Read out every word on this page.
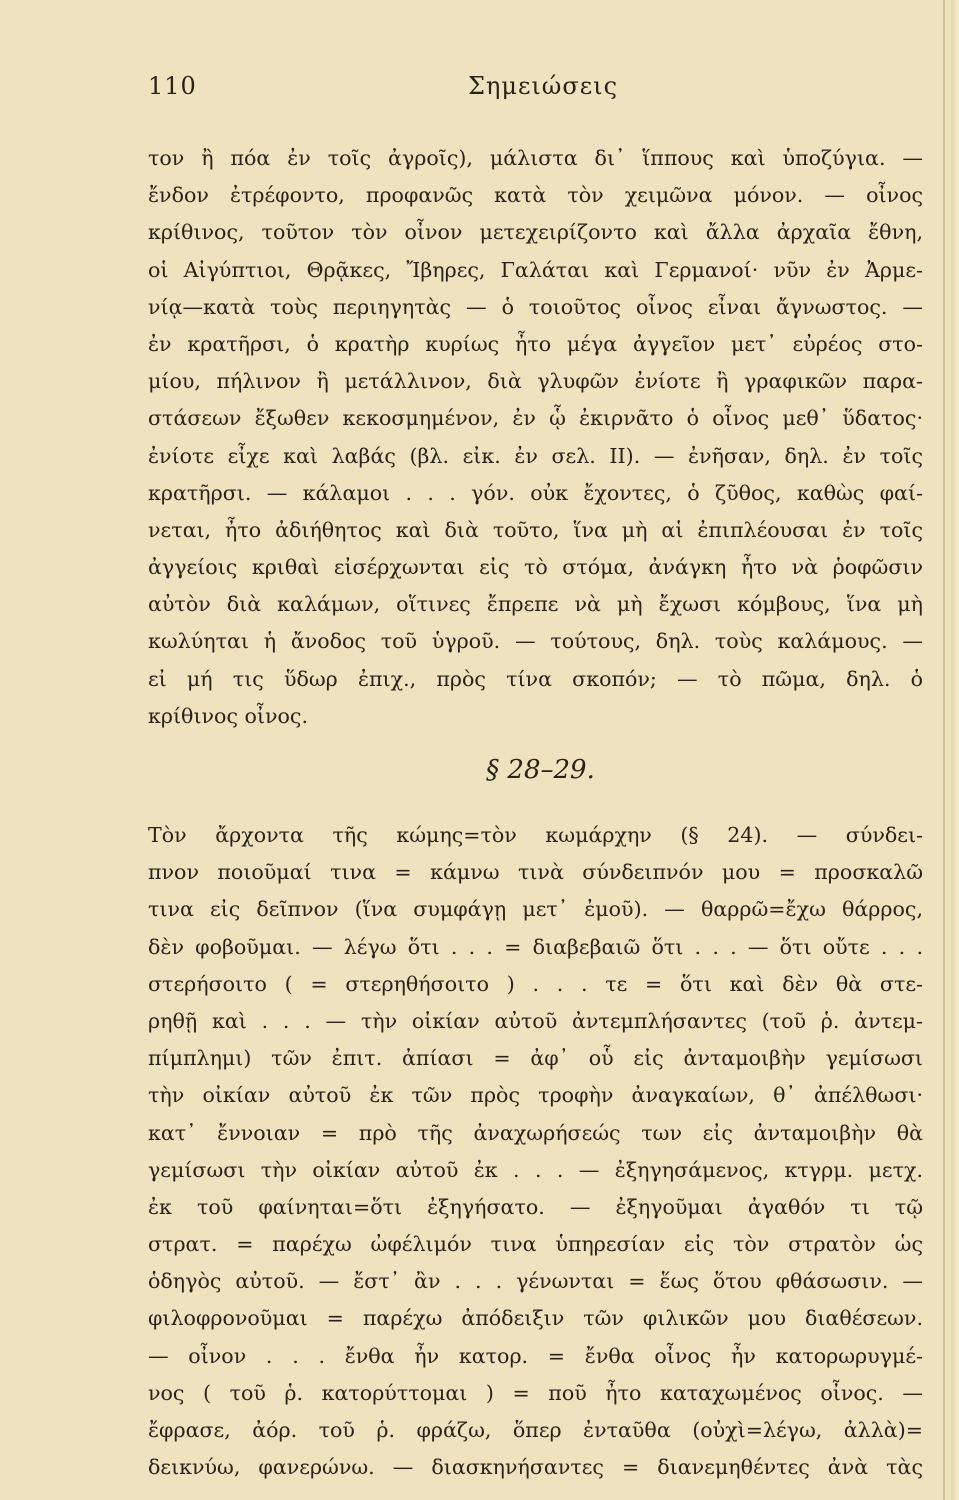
110	Σημειώσεις
τον ἢ πόα ἐν τοῖς ἀγροῖς), μάλιστα δι᾿ ἵππους καὶ ὑποζύγια. —
ἔνδον ἐτρέφοντο, προφανῶς κατὰ τὸν χειμῶνα μόνον. — οἶνος
κρίθινος, τοῦτον τὸν οἶνον μετεχειρίζοντο καὶ ἄλλα ἀρχαῖα ἔθνη,
οἱ Αἰγύπτιοι, Θρᾷκες, Ἴβηρες, Γαλάται καὶ Γερμανοί· νῦν ἐν Ἀρμε-
νίᾳ—κατὰ τοὺς περιηγητὰς — ὁ τοιοῦτος οἶνος εἶναι ἄγνωστος. —
ἐν κρατῆρσι, ὁ κρατὴρ κυρίως ἦτο μέγα ἀγγεῖον μετ᾿ εὐρέος στο-
μίου, πήλινον ἢ μετάλλινον, διὰ γλυφῶν ἐνίοτε ἢ γραφικῶν παρα-
στάσεων ἔξωθεν κεκοσμημένον, ἐν ᾧ ἐκιρνᾶτο ὁ οἶνος μεθ᾿ ὕδατος·
ἐνίοτε εἶχε καὶ λαβάς (βλ. εἰκ. ἐν σελ. ΙΙ). — ἐνῆσαν, δηλ. ἐν τοῖς
κρατῆρσι. — κάλαμοι . . . γόν. οὐκ ἔχοντες, ὁ ζῦθος, καθὼς φαί-
νεται, ἦτο ἀδιήθητος καὶ διὰ τοῦτο, ἵνα μὴ αἱ ἐπιπλέουσαι ἐν τοῖς
ἀγγείοις κριθαὶ εἰσέρχωνται εἰς τὸ στόμα, ἀνάγκη ἦτο νὰ ῥοφῶσιν
αὐτὸν διὰ καλάμων, οἵτινες ἔπρεπε νὰ μὴ ἔχωσι κόμβους, ἵνα μὴ
κωλύηται ἡ ἄνοδος τοῦ ὑγροῦ. — τούτους, δηλ. τοὺς καλάμους. —
εἰ μή τις ὕδωρ ἐπιχ., πρὸς τίνα σκοπόν; — τὸ πῶμα, δηλ. ὁ
κρίθινος οἶνος.
§ 28–29.
Τὸν ἄρχοντα τῆς κώμης=τὸν κωμάρχην (§ 24). — σύνδει-
πνον ποιοῦμαί τινα = κάμνω τινὰ σύνδειπνόν μου = προσκαλῶ
τινα εἰς δεῖπνον (ἵνα συμφάγῃ μετ᾿ ἐμοῦ). — θαρρῶ=ἔχω θάρρος,
δὲν φοβοῦμαι. — λέγω ὅτι . . . = διαβεβαιῶ ὅτι . . . — ὅτι οὔτε . . .
στερήσοιτο ( = στερηθήσοιτο ) . . . τε = ὅτι καὶ δὲν θὰ στε-
ρηθῇ καὶ . . . — τὴν οἰκίαν αὐτοῦ ἀντεμπλήσαντες (τοῦ ῥ. ἀντεμ-
πίμπλημι) τῶν ἐπιτ. ἀπίασι = ἀφ᾿ οὗ εἰς ἀνταμοιβὴν γεμίσωσι
τὴν οἰκίαν αὐτοῦ ἐκ τῶν πρὸς τροφὴν ἀναγκαίων, θ᾿ ἀπέλθωσι·
κατ᾿ ἔννοιαν = πρὸ τῆς ἀναχωρήσεώς των εἰς ἀνταμοιβὴν θὰ
γεμίσωσι τὴν οἰκίαν αὐτοῦ ἐκ . . . — ἐξηγησάμενος, κτγρμ. μετχ.
ἐκ τοῦ φαίνηται=ὅτι ἐξηγήσατο. — ἐξηγοῦμαι ἀγαθόν τι τῷ
στρατ. = παρέχω ὠφέλιμόν τινα ὑπηρεσίαν εἰς τὸν στρατὸν ὡς
ὁδηγὸς αὐτοῦ. — ἔστ᾿ ἂν . . . γένωνται = ἕως ὅτου φθάσωσιν. —
φιλοφρονοῦμαι = παρέχω ἀπόδειξιν τῶν φιλικῶν μου διαθέσεων.
— οἶνον . . . ἔνθα ἦν κατορ. = ἔνθα οἶνος ἦν κατορωρυγμέ-
νος ( τοῦ ῥ. κατορύττομαι ) = ποῦ ἦτο καταχωμένος οἶνος. —
ἔφρασε, ἀόρ. τοῦ ῥ. φράζω, ὅπερ ἐνταῦθα (οὐχὶ=λέγω, ἀλλὰ)=
δεικνύω, φανερώνω. — διασκηνήσαντες = διανεμηθέντες ἀνὰ τὰς
